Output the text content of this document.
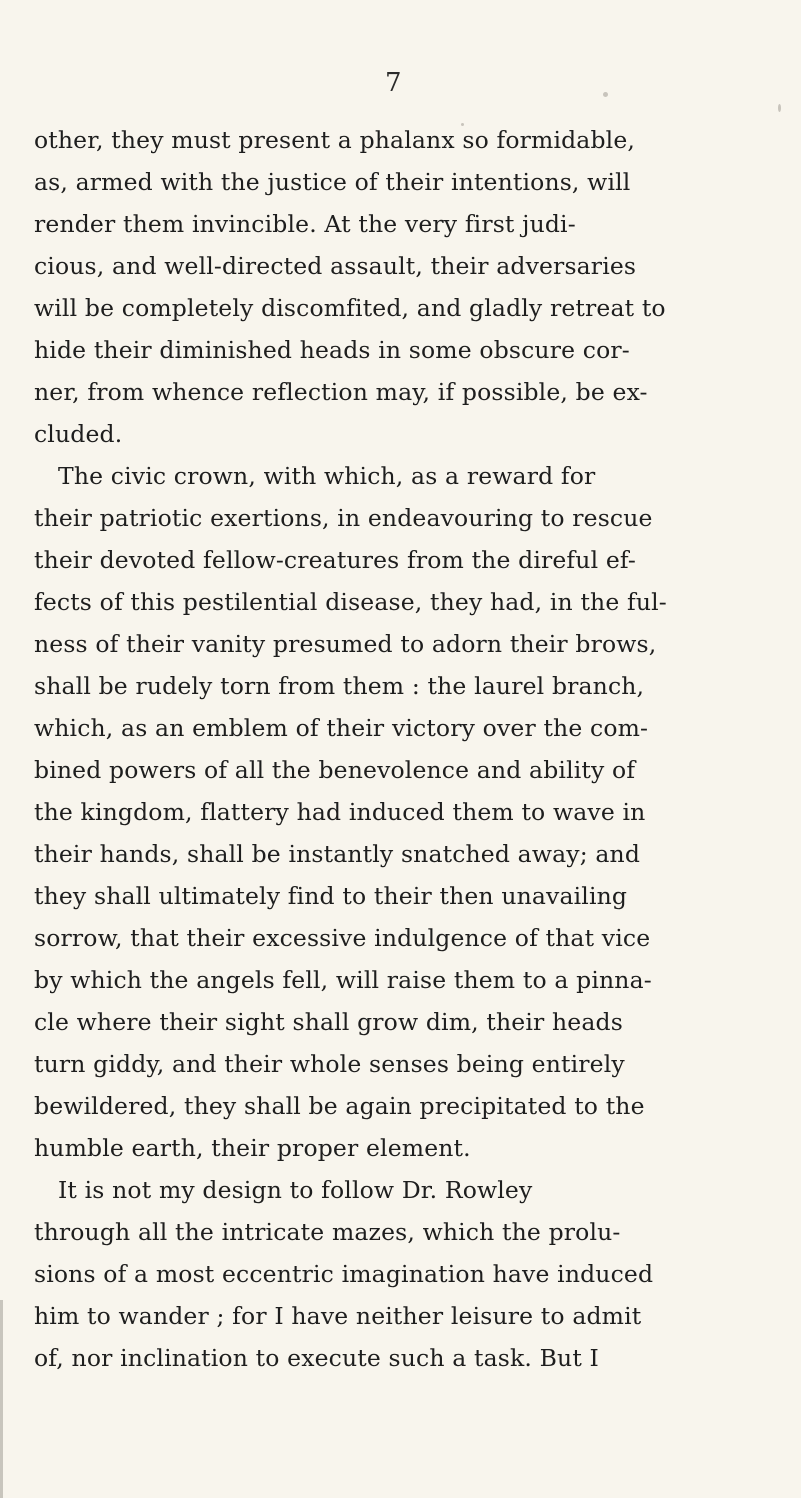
7
other, they must present a phalanx so formidable,
as, armed with the justice of their intentions, will
render them invincible. At the very first judi-
cious, and well-directed assault, their adversaries
will be completely discomfited, and gladly retreat to
hide their diminished heads in some obscure cor-
ner, from whence reflection may, if possible, be ex-
cluded.
The civic crown, with which, as a reward for
their patriotic exertions, in endeavouring to rescue
their devoted fellow-creatures from the direful ef-
fects of this pestilential disease, they had, in the ful-
ness of their vanity presumed to adorn their brows,
shall be rudely torn from them : the laurel branch,
which, as an emblem of their victory over the com-
bined powers of all the benevolence and ability of
the kingdom, flattery had induced them to wave in
their hands, shall be instantly snatched away; and
they shall ultimately find to their then unavailing
sorrow, that their excessive indulgence of that vice
by which the angels fell, will raise them to a pinna-
cle where their sight shall grow dim, their heads
turn giddy, and their whole senses being entirely
bewildered, they shall be again precipitated to the
humble earth, their proper element.
It is not my design to follow Dr. Rowley
through all the intricate mazes, which the prolu-
sions of a most eccentric imagination have induced
him to wander ; for I have neither leisure to admit
of, nor inclination to execute such a task. But I
